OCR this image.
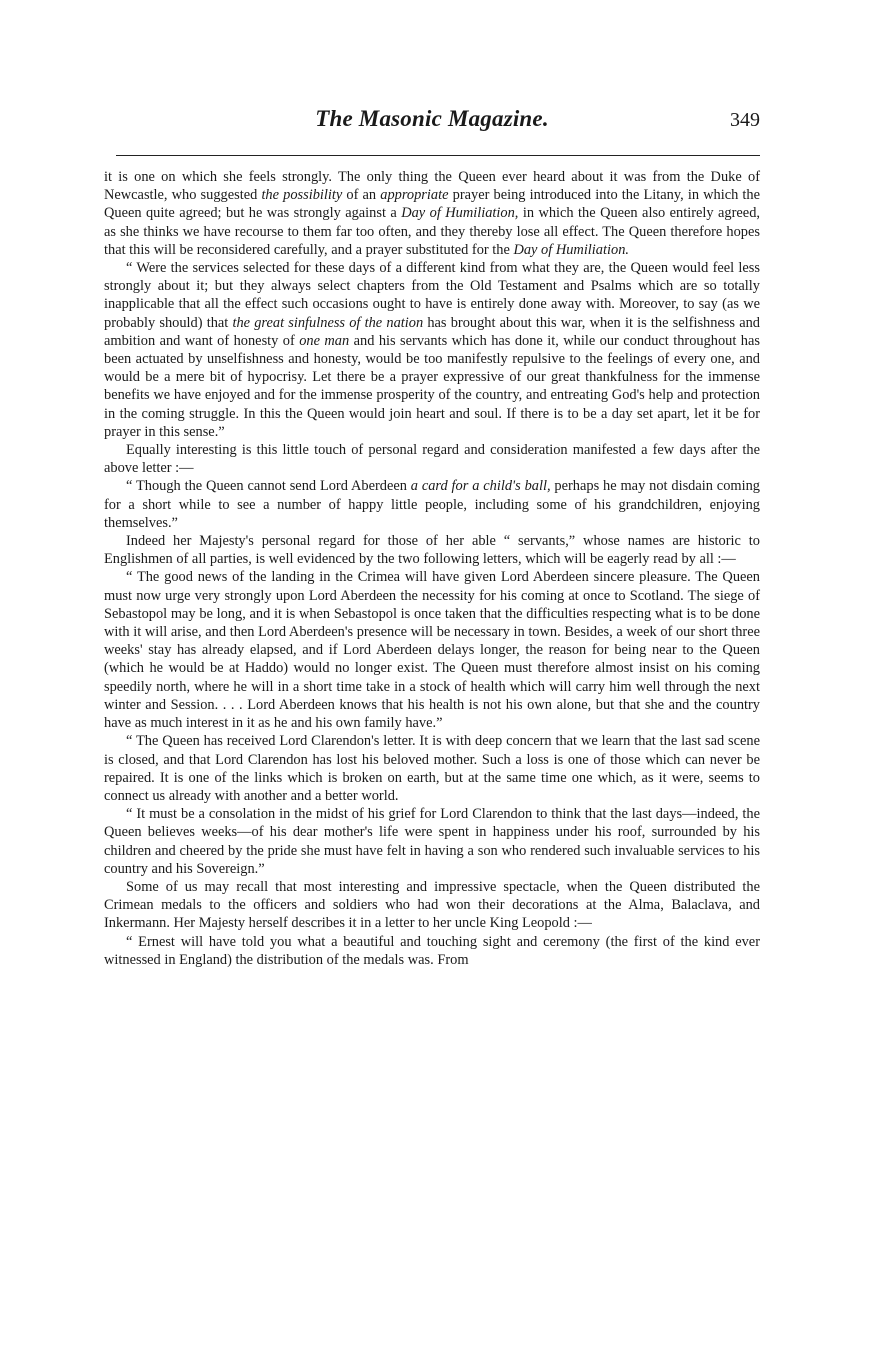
The Masonic Magazine.	349

it is one on which she feels strongly. The only thing the Queen ever heard about it was from the Duke of Newcastle, who suggested the possibility of an appropriate prayer being introduced into the Litany, in which the Queen quite agreed; but he was strongly against a Day of Humiliation, in which the Queen also entirely agreed, as she thinks we have recourse to them far too often, and they thereby lose all effect. The Queen therefore hopes that this will be reconsidered carefully, and a prayer substituted for the Day of Humiliation.

“ Were the services selected for these days of a different kind from what they are, the Queen would feel less strongly about it; but they always select chapters from the Old Testament and Psalms which are so totally inapplicable that all the effect such occasions ought to have is entirely done away with. Moreover, to say (as we probably should) that the great sinfulness of the nation has brought about this war, when it is the selfishness and ambition and want of honesty of one man and his servants which has done it, while our conduct throughout has been actuated by unselfishness and honesty, would be too manifestly repulsive to the feelings of every one, and would be a mere bit of hypocrisy. Let there be a prayer expressive of our great thankfulness for the immense benefits we have enjoyed and for the immense prosperity of the country, and entreating God's help and protection in the coming struggle. In this the Queen would join heart and soul. If there is to be a day set apart, let it be for prayer in this sense.”

Equally interesting is this little touch of personal regard and consideration manifested a few days after the above letter :—

“ Though the Queen cannot send Lord Aberdeen a card for a child's ball, perhaps he may not disdain coming for a short while to see a number of happy little people, including some of his grandchildren, enjoying themselves.”

Indeed her Majesty's personal regard for those of her able “ servants,” whose names are historic to Englishmen of all parties, is well evidenced by the two following letters, which will be eagerly read by all :—

“ The good news of the landing in the Crimea will have given Lord Aberdeen sincere pleasure. The Queen must now urge very strongly upon Lord Aberdeen the necessity for his coming at once to Scotland. The siege of Sebastopol may be long, and it is when Sebastopol is once taken that the difficulties respecting what is to be done with it will arise, and then Lord Aberdeen's presence will be necessary in town. Besides, a week of our short three weeks' stay has already elapsed, and if Lord Aberdeen delays longer, the reason for being near to the Queen (which he would be at Haddo) would no longer exist. The Queen must therefore almost insist on his coming speedily north, where he will in a short time take in a stock of health which will carry him well through the next winter and Session. . . . Lord Aberdeen knows that his health is not his own alone, but that she and the country have as much interest in it as he and his own family have.”

“ The Queen has received Lord Clarendon's letter. It is with deep concern that we learn that the last sad scene is closed, and that Lord Clarendon has lost his beloved mother. Such a loss is one of those which can never be repaired. It is one of the links which is broken on earth, but at the same time one which, as it were, seems to connect us already with another and a better world.

“ It must be a consolation in the midst of his grief for Lord Clarendon to think that the last days—indeed, the Queen believes weeks—of his dear mother's life were spent in happiness under his roof, surrounded by his children and cheered by the pride she must have felt in having a son who rendered such invaluable services to his country and his Sovereign.”

Some of us may recall that most interesting and impressive spectacle, when the Queen distributed the Crimean medals to the officers and soldiers who had won their decorations at the Alma, Balaclava, and Inkermann. Her Majesty herself describes it in a letter to her uncle King Leopold :—

“ Ernest will have told you what a beautiful and touching sight and ceremony (the first of the kind ever witnessed in England) the distribution of the medals was. From
